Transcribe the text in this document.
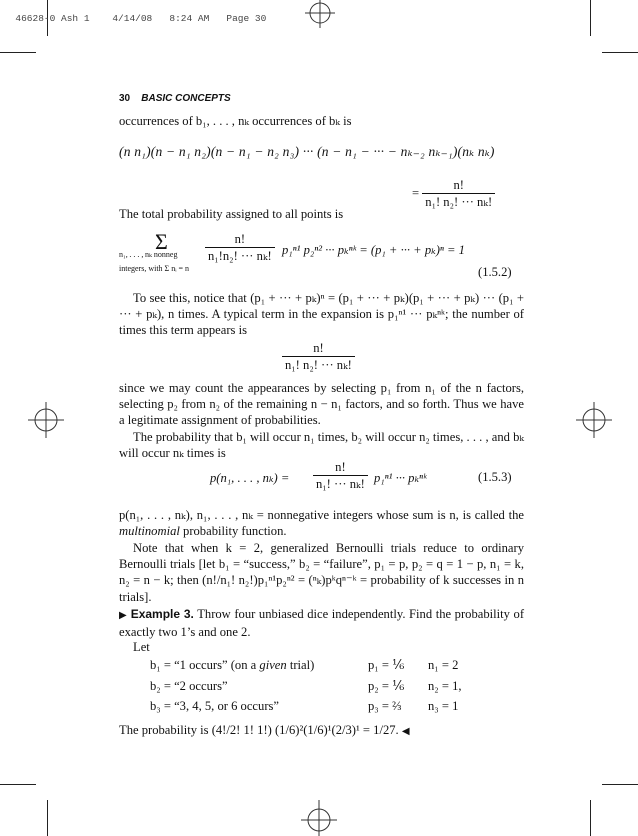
46628-0 Ash 1 4/14/08 8:24 AM Page 30

30 BASIC CONCEPTS
occurrences of b₁, . . . , nₖ occurrences of bₖ is
(n n₁)(n − n₁ n₂)(n − n₁ − n₂ n₃) ··· (n − n₁ − ··· − nₖ₋₂ nₖ₋₁)(nₖ nₖ)
= $\frac{n!}{\text{n₁! n₂! ··· nₖ!}}$
The total probability assigned to all points is
Σ
n₁, . . . , nₖ nonneg
integers, with Σ nᵢ = n
$\frac{n!}{\text{n₁!n₂! ··· nₖ!}} p_1^{n1}$ p₂ⁿ² ··· pₖⁿᵏ = (p₁ + ··· + pₖ)ⁿ = 1
(1.5.2)
To see this, notice that (p₁ + ··· + pₖ)ⁿ = (p₁ + ··· + pₖ)(p₁ + ··· + pₖ) ··· (p₁ + ··· + pₖ), n times. A typical term in the expansion is p₁ⁿ¹ ··· pₖⁿᵏ; the number of times this term appears is
$\frac{n!}{\text{n₁! n₂! ··· nₖ!}}$
since we may count the appearances by selecting p₁ from n₁ of the n factors, selecting p₂ from n₂ of the remaining n − n₁ factors, and so forth. Thus we have a legitimate assignment of probabilities.
The probability that b₁ will occur n₁ times, b₂ will occur n₂ times, . . . , and bₖ will occur nₖ times is
p(n₁, . . . , $n_k) = \frac{n!}{\text{n₁! ··· nₖ!}} p_1^{n1}$ ··· pₖⁿᵏ	(1.5.3)
p(n₁, . . . , nₖ), n₁, . . . , nₖ = nonnegative integers whose sum is n, is called the multinomial probability function.
Note that when k = 2, generalized Bernoulli trials reduce to ordinary Bernoulli trials [let b₁ = “success,” b₂ = “failure”, p₁ = p, p₂ = q = 1 − p, n₁ = k, n₂ = n − k; then (n!/n₁! n₂!)p₁ⁿ¹p₂ⁿ² = (ⁿₖ)pᵏqⁿ⁻ᵏ = probability of k successes in n trials].
▶ Example 3. Throw four unbiased dice independently. Find the probability of exactly two 1’s and one 2.
Let
b₁ = “1 occurs” (on a given trial)	p₁ = ⅙ n₁ = 2
b₂ = “2 occurs”	p₂ = ⅙ n₂ = 1,
b₃ = “3, 4, 5, or 6 occurs”	p₃ = ⅔ n₃ = 1
The probability is (4!/2! 1! 1!) (1/6)²(1/6)¹(2/3)¹ = 1/27. ◀
